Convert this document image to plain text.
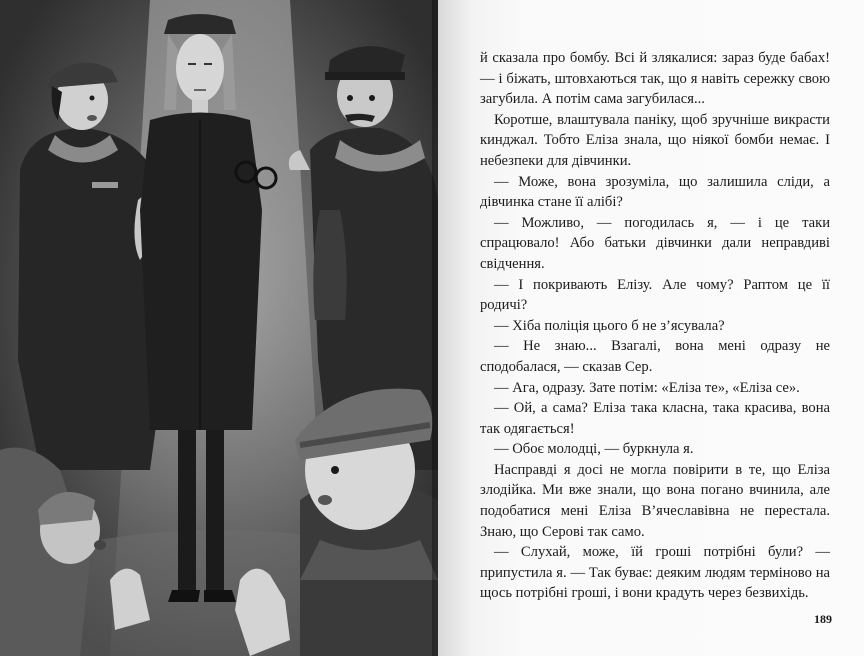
й сказала про бомбу. Всі й злякалися: зараз буде бабах! — і біжать, штовхаються так, що я навіть сережку свою загубила. А потім сама загубилася...

Коротше, влаштувала паніку, щоб зручніше викрасти кинджал. Тобто Еліза знала, що ніякої бомби немає. І небезпеки для дівчинки.

— Може, вона зрозуміла, що залишила сліди, а дівчинка стане її алібі?

— Можливо, — погодилась я, — і це таки спрацювало! Або батьки дівчинки дали неправдиві свідчення.

— І покривають Елізу. Але чому? Раптом це її родичі?

— Хіба поліція цього б не з’ясувала?

— Не знаю... Взагалі, вона мені одразу не сподобалася, — сказав Сер.

— Ага, одразу. Зате потім: «Еліза те», «Еліза се».

— Ой, а сама? Еліза така класна, така красива, вона так одягається!

— Обоє молодці, — буркнула я.

Насправді я досі не могла повірити в те, що Еліза злодійка. Ми вже знали, що вона погано вчинила, але подобатися мені Еліза В’ячеславівна не перестала. Знаю, що Серові так само.

— Слухай, може, їй гроші потрібні були? — припустила я. — Так буває: деяким людям терміново на щось потрібні гроші, і вони крадуть через безвихідь.

189
